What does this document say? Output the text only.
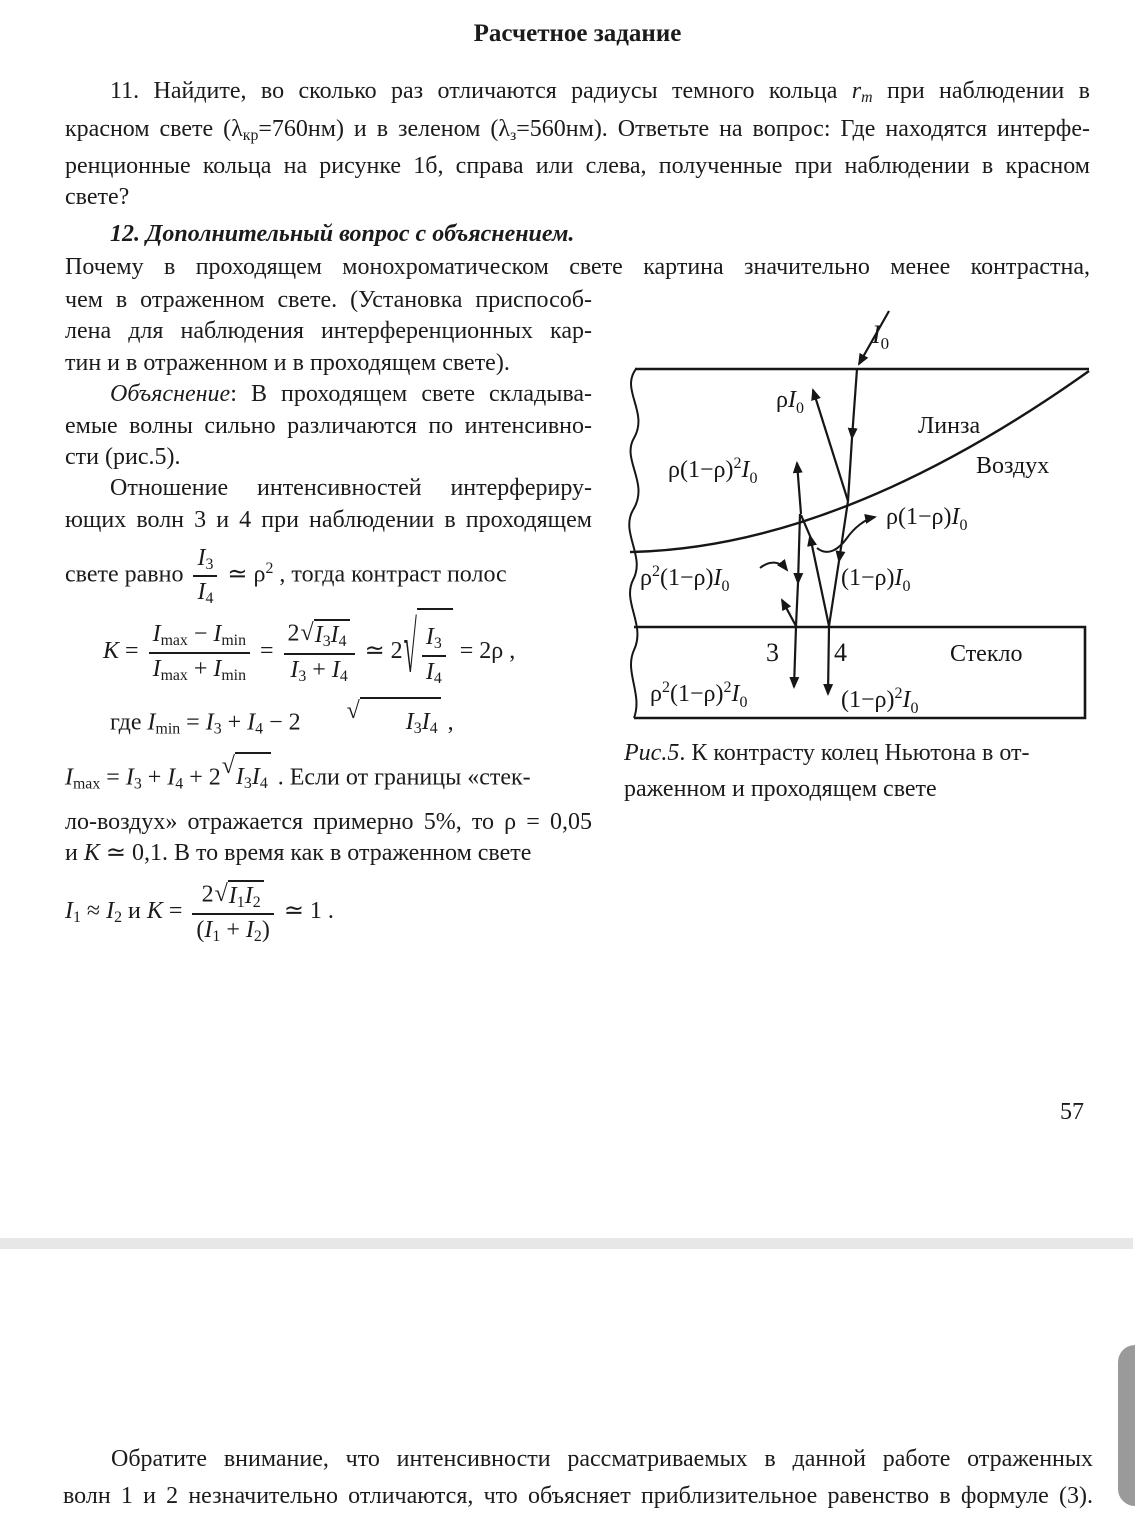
Расчетное задание
11. Найдите, во сколько раз отличаются радиусы темного кольца rm при наблюдении в
красном свете (λкр=760нм) и в зеленом (λз=560нм). Ответьте на вопрос: Где находятся интерфе-
ренционные кольца на рисунке 1б, справа или слева, полученные при наблюдении в красном
свете?
12. Дополнительный вопрос с объяснением.
Почему в проходящем монохроматическом свете картина значительно менее контрастна,
чем в отраженном свете. (Установка приспособ-
лена для наблюдения интерференционных кар-
тин и в отраженном и в проходящем свете).
Объяснение: В проходящем свете складыва-
емые волны сильно различаются по интенсивно-
сти (рис.5).
Отношение интенсивностей интерфериру-
ющих волн 3 и 4 при наблюдении в проходящем
свете равно $\frac{I3}{I4}$ ≃ $\rho^2$ , тогда контраст полос
$K = \frac{Imax - Imin}{Imax + Imin} = \frac{2 √ I3I4}{I3 + I4}$ ≃ 2 √ $\frac{I3}{I4} = 2\rho$ ,
где Imin = I3 + I4 − 2	√	I3I4 ,
Imax = I3 + I4 + 2 √ I3I4 . Если от границы «стек-
ло-воздух» отражается примерно 5%, то ρ = 0,05
и K ≃ 0,1. В то время как в отраженном свете
I1 ≈ I2 и $K = \frac{2 √ I1I2}{(I1 + I2)}$ ≃ 1 .
$I_0$
$\rho I_0$
Линза
Воздух
$\rho(1-\rho)^2I_0$
$\rho(1-\rho)I_0$
$\rho^2(1-\rho)I_0$	$(1-\rho)I_0$
3 4	Стекло
$\rho^2(1-\rho)^2I_0$	$(1-\rho)^2I_0$
Рис.5. К контрасту колец Ньютона в от-
раженном и проходящем свете
57
Обратите внимание, что интенсивности рассматриваемых в данной работе отраженных
волн 1 и 2 незначительно отличаются, что объясняет приблизительное равенство в формуле (3).
